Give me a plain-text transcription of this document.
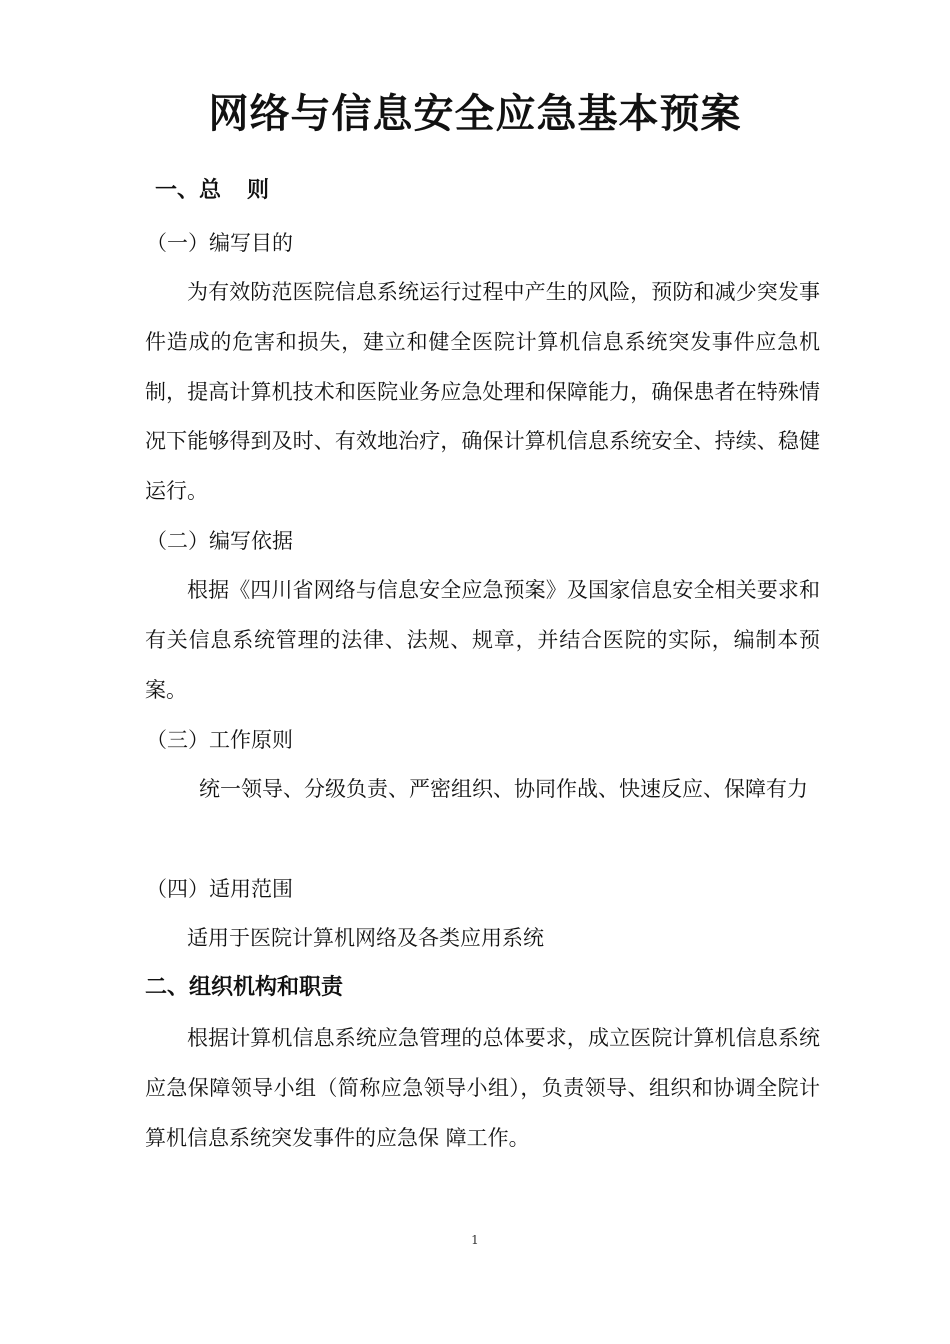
网络与信息安全应急基本预案
一、总 则
（一）编写目的
为有效防范医院信息系统运行过程中产生的风险，预防和减少突发事件造成的危害和损失，建立和健全医院计算机信息系统突发事件应急机制，提高计算机技术和医院业务应急处理和保障能力，确保患者在特殊情况下能够得到及时、有效地治疗，确保计算机信息系统安全、持续、稳健运行。
（二）编写依据
根据《四川省网络与信息安全应急预案》及国家信息安全相关要求和有关信息系统管理的法律、法规、规章，并结合医院的实际，编制本预案。
（三）工作原则
统一领导、分级负责、严密组织、协同作战、快速反应、保障有力
（四）适用范围
适用于医院计算机网络及各类应用系统
二、组织机构和职责
根据计算机信息系统应急管理的总体要求，成立医院计算机信息系统应急保障领导小组（简称应急领导小组），负责领导、组织和协调全院计算机信息系统突发事件的应急保 障工作。
1
